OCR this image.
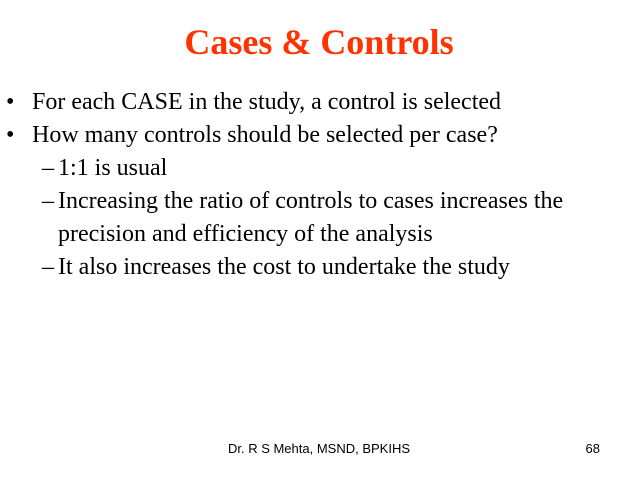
Cases & Controls
• For each CASE in the study, a control is selected
• How many controls should be selected per case?
– 1:1 is usual
– Increasing the ratio of controls to cases increases the precision and efficiency of the analysis
– It also increases the cost to undertake the study
Dr. R S Mehta, MSND, BPKIHS	68
